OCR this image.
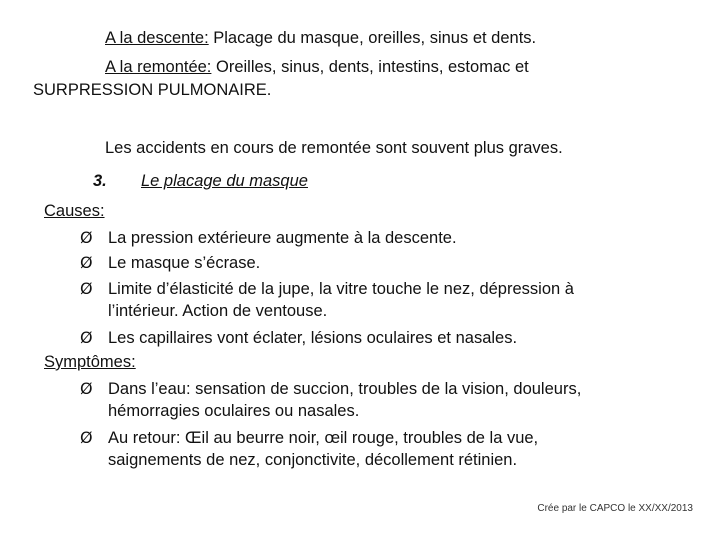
A la descente: Placage du masque, oreilles, sinus et dents.
A la remontée: Oreilles, sinus, dents, intestins, estomac et
SURPRESSION PULMONAIRE.
Les accidents en cours de remontée sont souvent plus graves.
3. Le placage du masque
Causes:
Ø La pression extérieure augmente à la descente.
Ø Le masque s’écrase.
Ø Limite d’élasticité de la jupe, la vitre touche le nez, dépression à
l’intérieur. Action de ventouse.
Ø Les capillaires vont éclater, lésions oculaires et nasales.
Symptômes:
Ø Dans l’eau: sensation de succion, troubles de la vision, douleurs,
hémorragies oculaires ou nasales.
Ø Au retour: Œil au beurre noir, œil rouge, troubles de la vue,
saignements de nez, conjonctivite, décollement rétinien.
Crée par le CAPCO le XX/XX/2013
